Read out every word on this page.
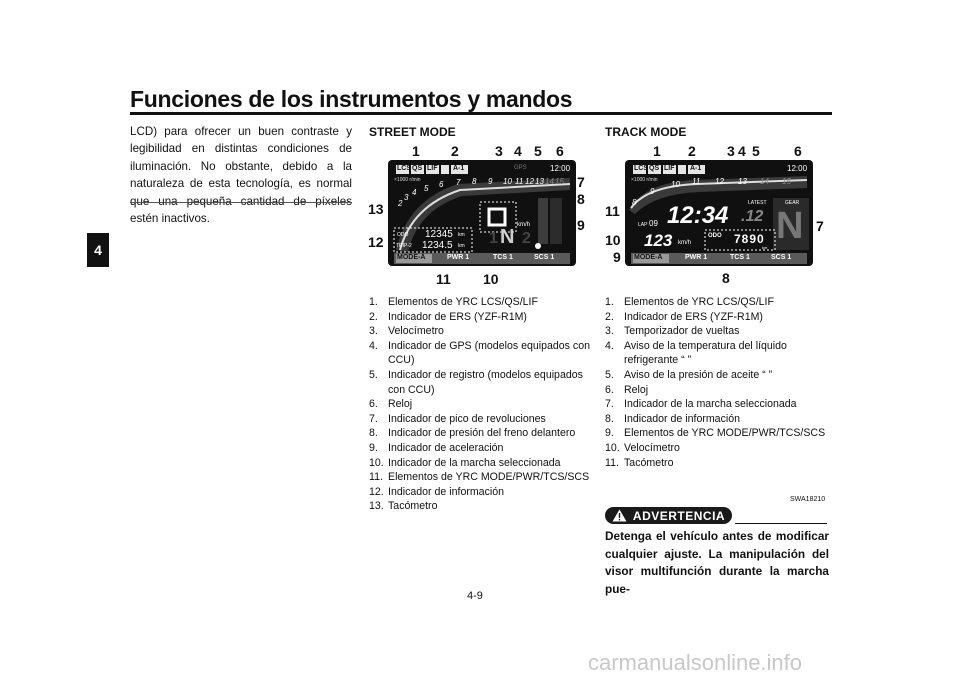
Funciones de los instrumentos y mandos
4
LCD) para ofrecer un buen contraste y legibilidad en distintas condiciones de iluminación. No obstante, debido a la naturaleza de esta tecnología, es normal estén inactivos.
STREET MODE
1 2	3 4 5 6
7
8
9
10
11
12
13
LCS QS LIF A-1	GPS	12:00
×1000 r/min
2
3
4 5 6 7 8 9 10 11 12 13 14 15
km/h
ODO 12345 km
TRIP-2 1234.5 km 1 N 2
MODE-A	PWR 1	TCS 1	SCS 1
1. Elementos de YRC LCS/QS/LIF
2. Indicador de ERS (YZF-R1M)
3. Velocímetro
4. Indicador de GPS (modelos equipados con CCU)
5. Indicador de registro (modelos equipados con CCU)
6. Reloj
7. Indicador de pico de revoluciones
8. Indicador de presión del freno delantero
9. Indicador de aceleración
10. Indicador de la marcha seleccionada
11. Elementos de YRC MODE/PWR/TCS/SCS
12. Indicador de información
13. Tacómetro
TRACK MODE
1 2 3 4 5 6
7
8
9
10
11
LCS QS LIF A-1	12:00
×1000 r/min
8
9
10 11 12 13 14 15
LAP 09 12:34 .12
LATEST	GEAR
N
123 km/h
ODO 7890
km
MODE-A	PWR 1	TCS 1	SCS 1
1. Elementos de YRC LCS/QS/LIF
2. Indicador de ERS (YZF-R1M)
3. Temporizador de vueltas
4. Aviso de la temperatura del líquido refrigerante “ ”
5. Aviso de la presión de aceite “ ”
6. Reloj
7. Indicador de la marcha seleccionada
8. Indicador de información
9. Elementos de YRC MODE/PWR/TCS/SCS
10. Velocímetro
11. Tacómetro
SWA18210
ADVERTENCIA
Detenga el vehículo antes de modificar cualquier ajuste. La manipulación del visor multifunción durante la marcha pue-
4-9
carmanualsonline.info
